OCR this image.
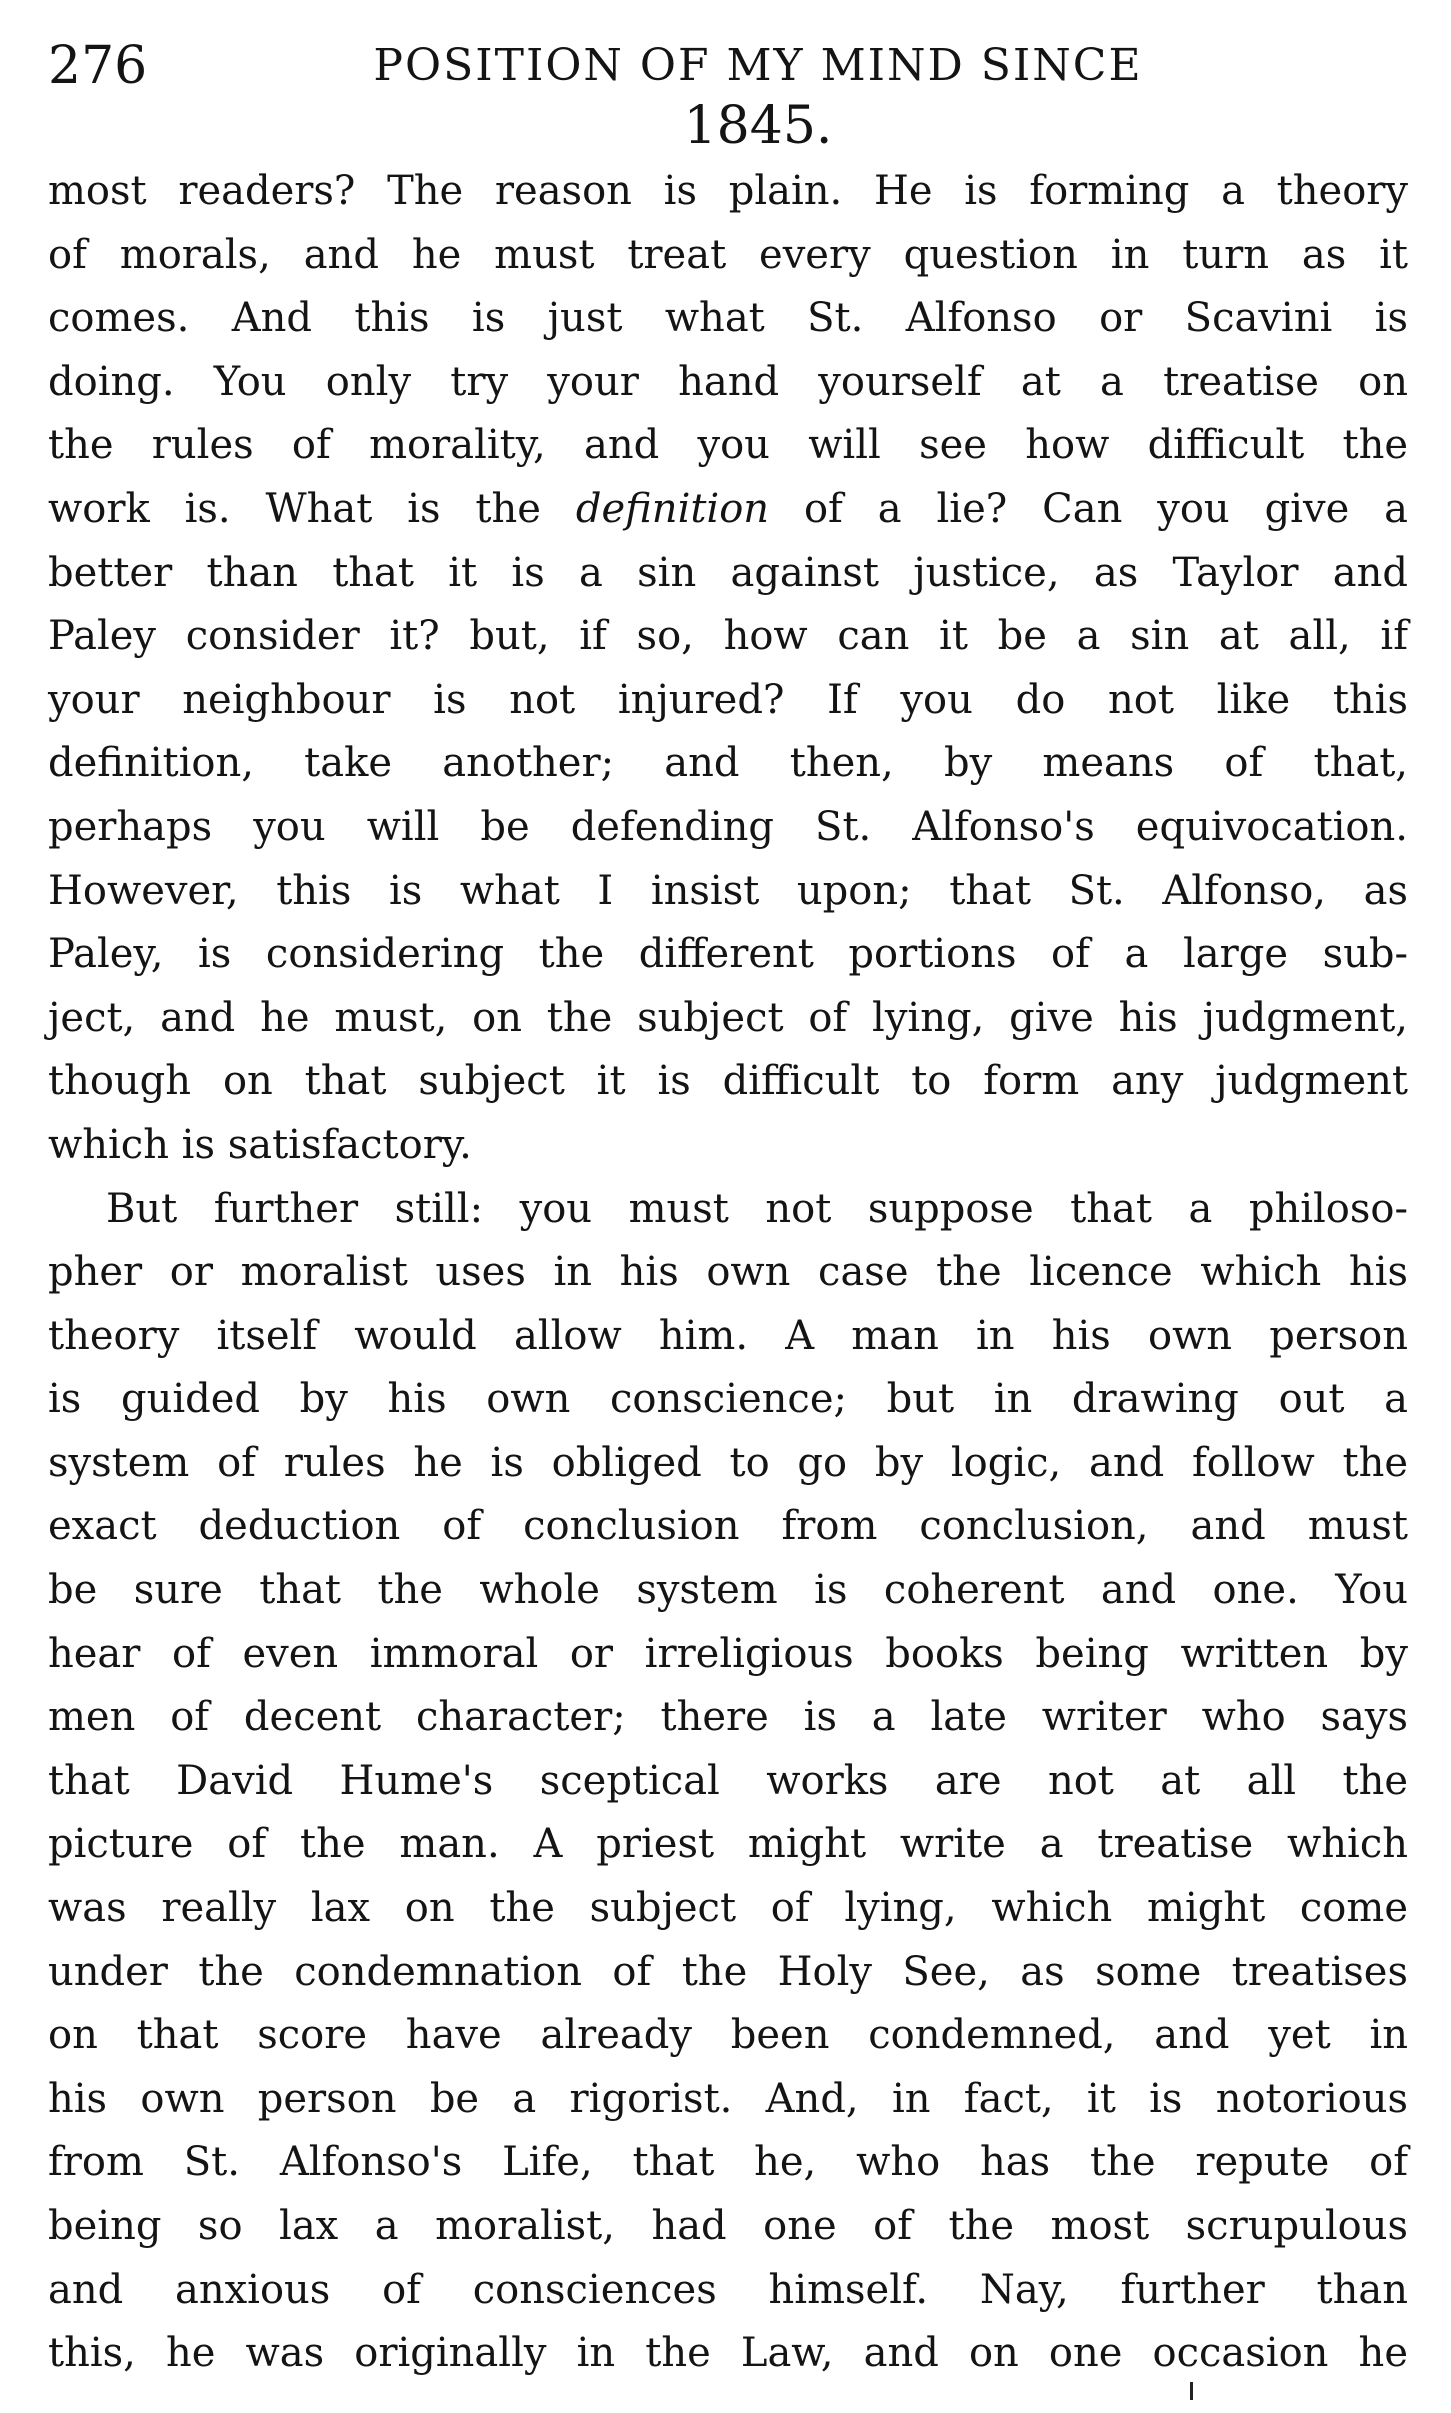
276	POSITION OF MY MIND SINCE 1845.
most readers? The reason is plain. He is forming a theory
of morals, and he must treat every question in turn as it
comes. And this is just what St. Alfonso or Scavini is
doing. You only try your hand yourself at a treatise on
the rules of morality, and you will see how difficult the
work is. What is the definition of a lie? Can you give a
better than that it is a sin against justice, as Taylor and
Paley consider it? but, if so, how can it be a sin at all, if
your neighbour is not injured? If you do not like this
definition, take another; and then, by means of that,
perhaps you will be defending St. Alfonso's equivocation.
However, this is what I insist upon; that St. Alfonso, as
Paley, is considering the different portions of a large sub-
ject, and he must, on the subject of lying, give his judgment,
though on that subject it is difficult to form any judgment
which is satisfactory.
But further still: you must not suppose that a philoso-
pher or moralist uses in his own case the licence which his
theory itself would allow him. A man in his own person
is guided by his own conscience; but in drawing out a
system of rules he is obliged to go by logic, and follow the
exact deduction of conclusion from conclusion, and must
be sure that the whole system is coherent and one. You
hear of even immoral or irreligious books being written by
men of decent character; there is a late writer who says
that David Hume's sceptical works are not at all the
picture of the man. A priest might write a treatise which
was really lax on the subject of lying, which might come
under the condemnation of the Holy See, as some treatises
on that score have already been condemned, and yet in
his own person be a rigorist. And, in fact, it is notorious
from St. Alfonso's Life, that he, who has the repute of
being so lax a moralist, had one of the most scrupulous
and anxious of consciences himself. Nay, further than
this, he was originally in the Law, and on one occasion he
